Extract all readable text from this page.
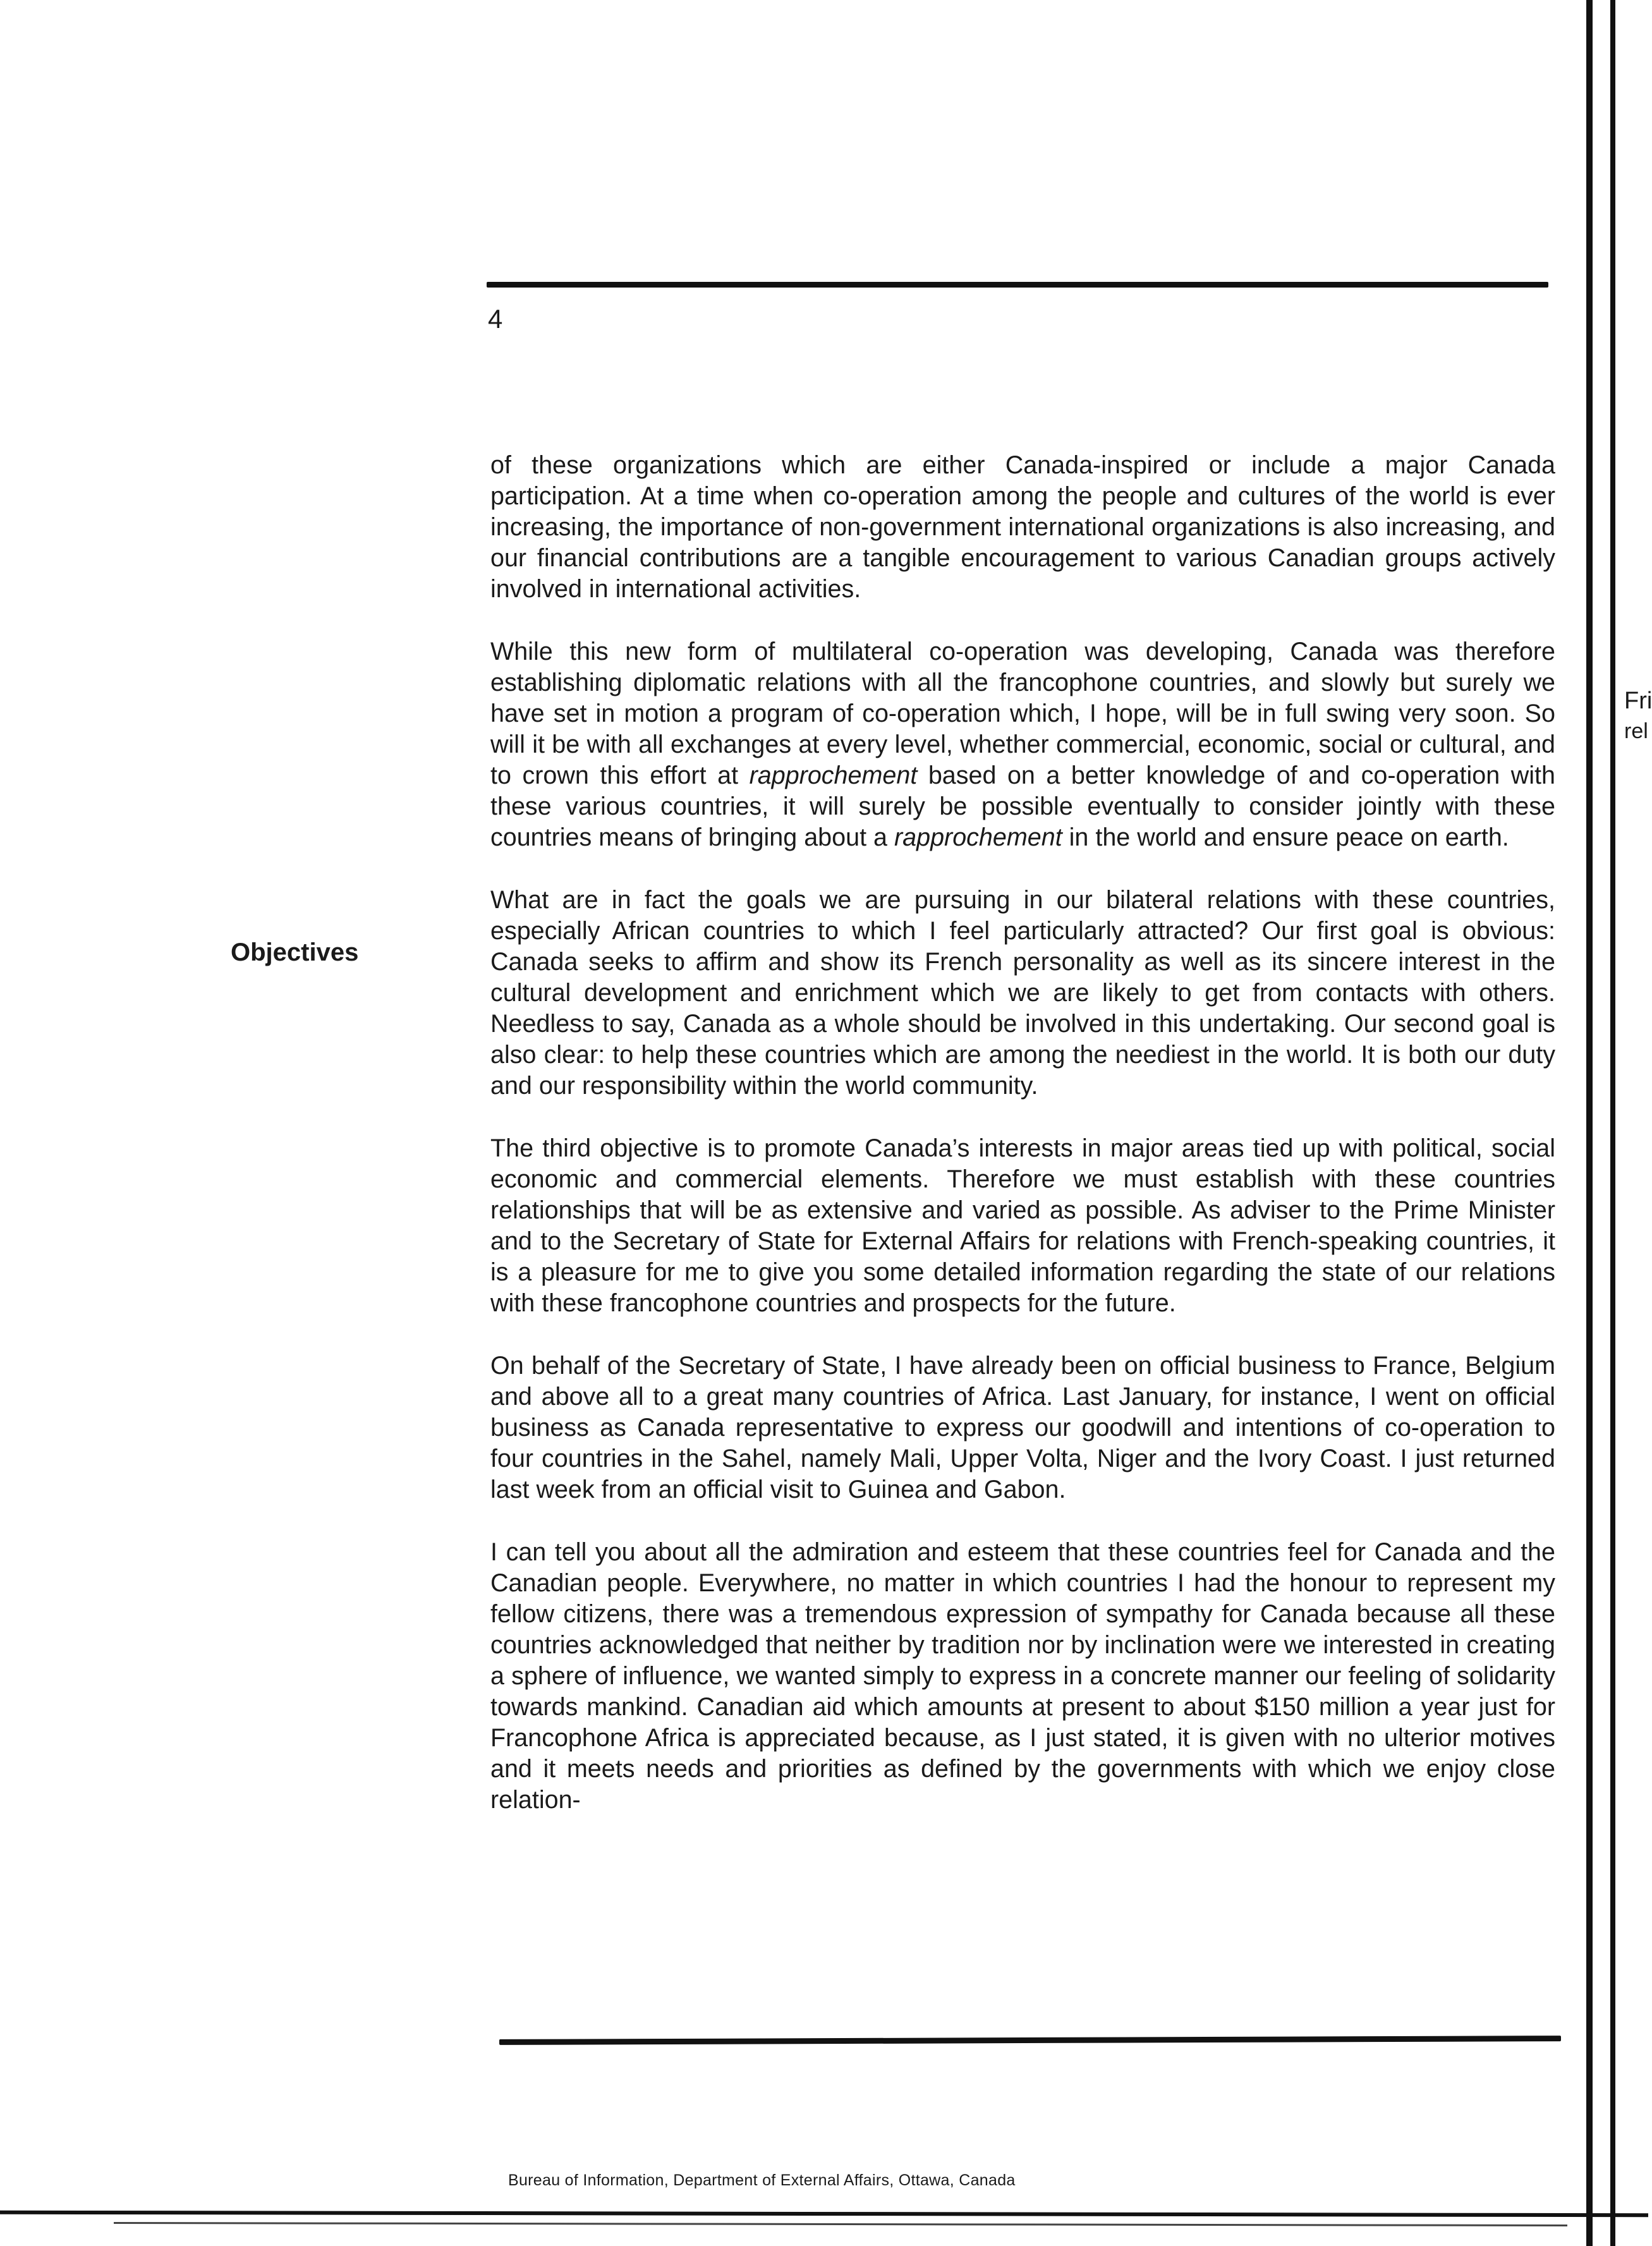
4
Objectives

of these organizations which are either Canada-inspired or include a major Canada participation. At a time when co-operation among the people and cultures of the world is ever increasing, the importance of non-government international organizations is also increasing, and our financial contributions are a tangible encouragement to various Canadian groups actively involved in international activities.

While this new form of multilateral co-operation was developing, Canada was therefore establishing diplomatic relations with all the francophone countries, and slowly but surely we have set in motion a program of co-operation which, I hope, will be in full swing very soon. So will it be with all exchanges at every level, whether commercial, economic, social or cultural, and to crown this effort at rapprochement based on a better knowledge of and co-operation with these various countries, it will surely be possible eventually to consider jointly with these countries means of bringing about a rapprochement in the world and ensure peace on earth.

What are in fact the goals we are pursuing in our bilateral relations with these countries, especially African countries to which I feel particularly attracted? Our first goal is obvious: Canada seeks to affirm and show its French personality as well as its sincere interest in the cultural development and enrichment which we are likely to get from contacts with others. Needless to say, Canada as a whole should be involved in this undertaking. Our second goal is also clear: to help these countries which are among the neediest in the world. It is both our duty and our responsibility within the world community.

The third objective is to promote Canada’s interests in major areas tied up with political, social economic and commercial elements. Therefore we must establish with these countries relationships that will be as extensive and varied as possible. As adviser to the Prime Minister and to the Secretary of State for External Affairs for relations with French-speaking countries, it is a pleasure for me to give you some detailed information regarding the state of our relations with these francophone countries and prospects for the future.

On behalf of the Secretary of State, I have already been on official business to France, Belgium and above all to a great many countries of Africa. Last January, for instance, I went on official business as Canada representative to express our goodwill and intentions of co-operation to four countries in the Sahel, namely Mali, Upper Volta, Niger and the Ivory Coast. I just returned last week from an official visit to Guinea and Gabon.

I can tell you about all the admiration and esteem that these countries feel for Canada and the Canadian people. Everywhere, no matter in which countries I had the honour to represent my fellow citizens, there was a tremendous expression of sympathy for Canada because all these countries acknowledged that neither by tradition nor by inclination were we interested in creating a sphere of influence, we wanted simply to express in a concrete manner our feeling of solidarity towards mankind. Canadian aid which amounts at present to about $150 million a year just for Francophone Africa is appreciated because, as I just stated, it is given with no ulterior motives and it meets needs and priorities as defined by the governments with which we enjoy close relation-

Fri
rel
Bureau of Information, Department of External Affairs, Ottawa, Canada
